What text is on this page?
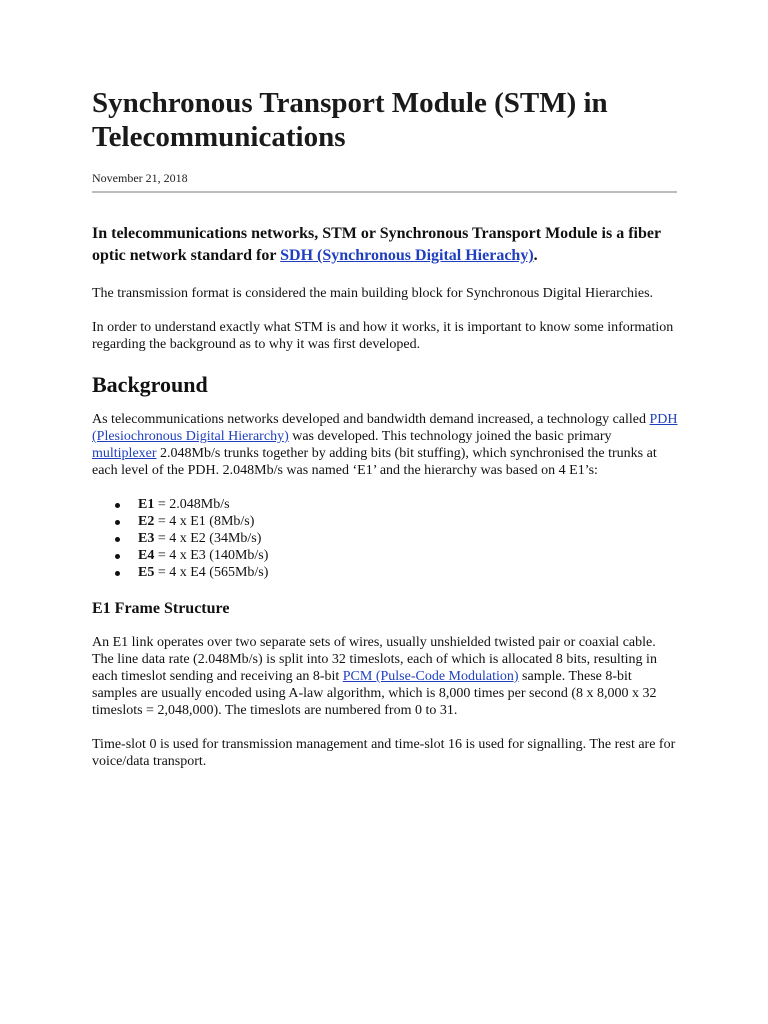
Synchronous Transport Module (STM) in Telecommunications
November 21, 2018
In telecommunications networks, STM or Synchronous Transport Module is a fiber optic network standard for SDH (Synchronous Digital Hierachy).

The transmission format is considered the main building block for Synchronous Digital Hierarchies.

In order to understand exactly what STM is and how it works, it is important to know some information regarding the background as to why it was first developed.

Background

As telecommunications networks developed and bandwidth demand increased, a technology called PDH (Plesiochronous Digital Hierarchy) was developed. This technology joined the basic primary multiplexer 2.048Mb/s trunks together by adding bits (bit stuffing), which synchronised the trunks at each level of the PDH. 2.048Mb/s was named ‘E1’ and the hierarchy was based on 4 E1’s:

E1 = 2.048Mb/s
E2 = 4 x E1 (8Mb/s)
E3 = 4 x E2 (34Mb/s)
E4 = 4 x E3 (140Mb/s)
E5 = 4 x E4 (565Mb/s)
E1 Frame Structure

An E1 link operates over two separate sets of wires, usually unshielded twisted pair or coaxial cable. The line data rate (2.048Mb/s) is split into 32 timeslots, each of which is allocated 8 bits, resulting in each timeslot sending and receiving an 8-bit PCM (Pulse-Code Modulation) sample. These 8-bit samples are usually encoded using A-law algorithm, which is 8,000 times per second (8 x 8,000 x 32 timeslots = 2,048,000). The timeslots are numbered from 0 to 31.

Time-slot 0 is used for transmission management and time-slot 16 is used for signalling. The rest are for voice/data transport.
